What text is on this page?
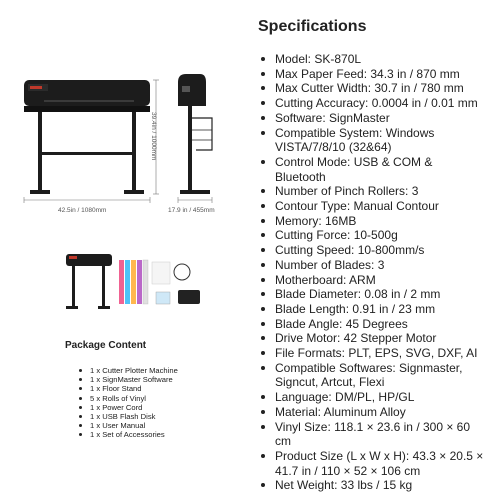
Specifications
Model: SK-870L
Max Paper Feed: 34.3 in / 870 mm
Max Cutter Width: 30.7 in / 780 mm
Cutting Accuracy: 0.0004 in / 0.01 mm
Software: SignMaster
Compatible System: Windows VISTA/7/8/10 (32&64)
Control Mode: USB & COM & Bluetooth
Number of Pinch Rollers: 3
Contour Type: Manual Contour
Memory: 16MB
Cutting Force: 10-500g
Cutting Speed: 10-800mm/s
Number of Blades: 3
Motherboard: ARM
Blade Diameter: 0.08 in / 2 mm
Blade Length: 0.91 in / 23 mm
Blade Angle: 45 Degrees
Drive Motor: 42 Stepper Motor
File Formats: PLT, EPS, SVG, DXF, AI
Compatible Softwares: Signmaster, Signcut, Artcut, Flexi
Language: DM/PL, HP/GL
Material: Aluminum Alloy
Vinyl Size: 118.1 × 23.6 in / 300 × 60 cm
Product Size (L x W x H): 43.3 × 20.5 × 41.7 in / 110 × 52 × 106 cm
Net Weight: 33 lbs / 15 kg
42.5in / 1080mm
39.4in / 1000mm
17.9 in / 455mm
Package Content
1 x Cutter Plotter Machine
1 x SignMaster Software
1 x Floor Stand
5 x Rolls of Vinyl
1 x Power Cord
1 x USB Flash Disk
1 x User Manual
1 x Set of Accessories
